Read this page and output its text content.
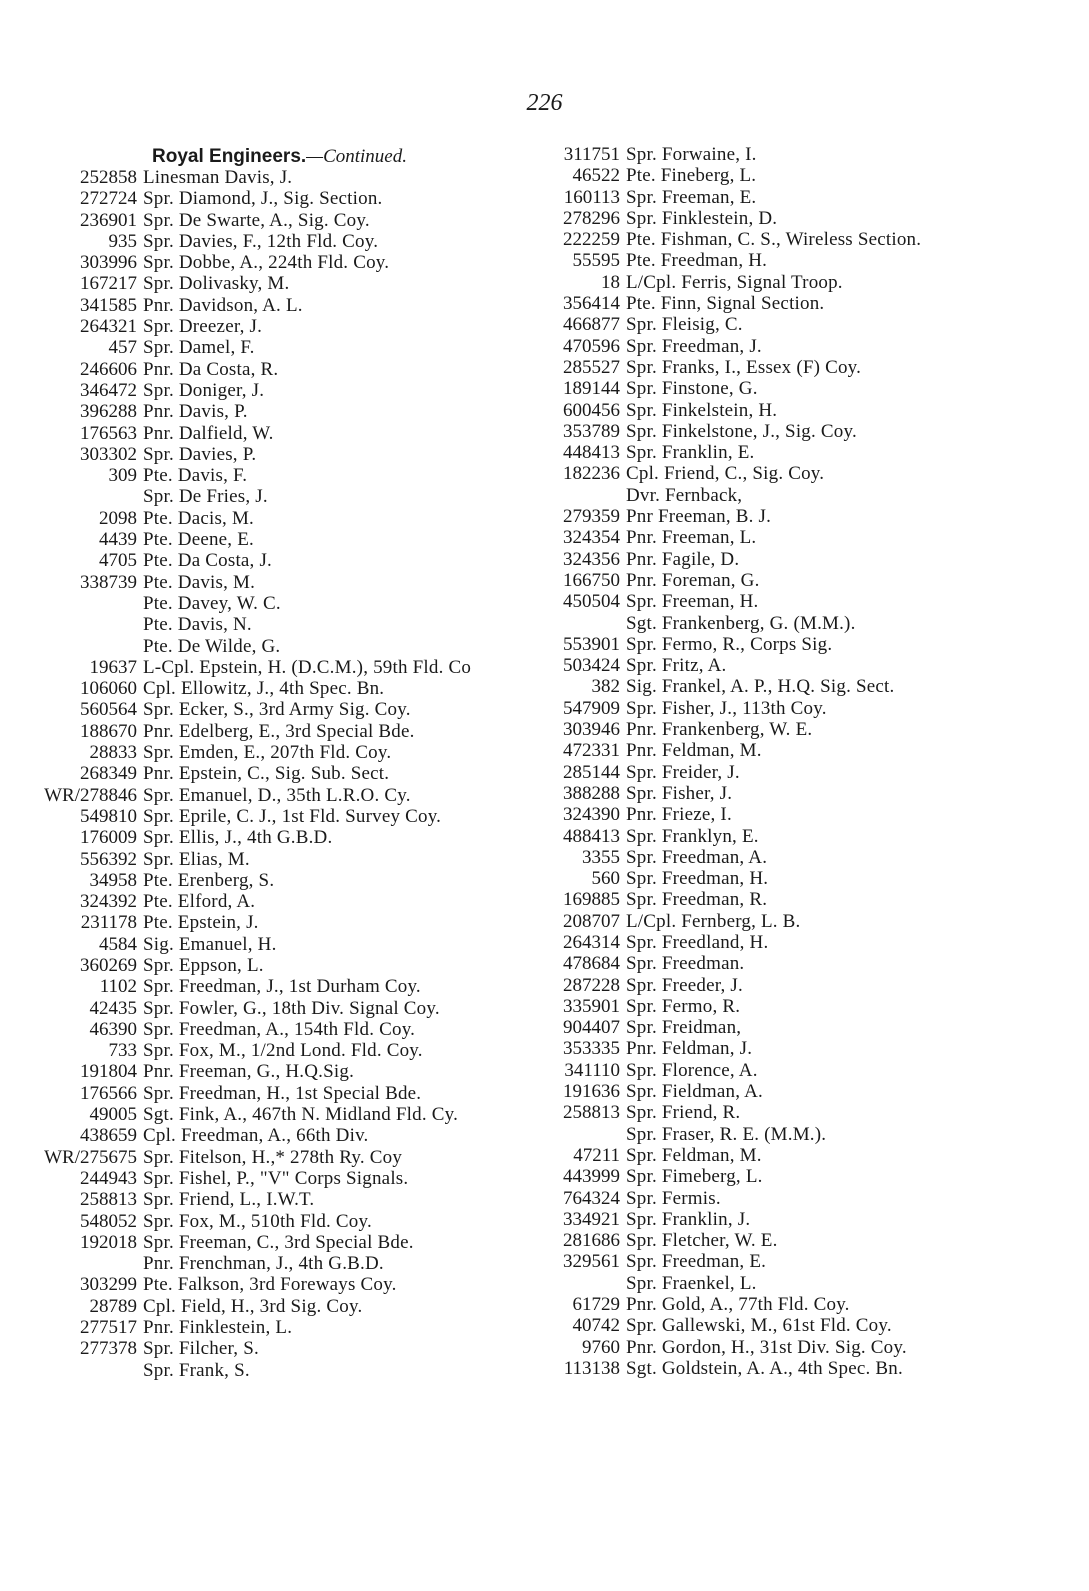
226
Royal Engineers.—Continued.
252858 Linesman Davis, J.
272724 Spr. Diamond, J., Sig. Section.
236901 Spr. De Swarte, A., Sig. Coy.
935 Spr. Davies, F., 12th Fld. Coy.
303996 Spr. Dobbe, A., 224th Fld. Coy.
167217 Spr. Dolivasky, M.
341585 Pnr. Davidson, A. L.
264321 Spr. Dreezer, J.
457 Spr. Damel, F.
246606 Pnr. Da Costa, R.
346472 Spr. Doniger, J.
396288 Pnr. Davis, P.
176563 Pnr. Dalfield, W.
303302 Spr. Davies, P.
309 Pte. Davis, F.
Spr. De Fries, J.
2098 Pte. Dacis, M.
4439 Pte. Deene, E.
4705 Pte. Da Costa, J.
338739 Pte. Davis, M.
Pte. Davey, W. C.
Pte. Davis, N.
Pte. De Wilde, G.
19637 L-Cpl. Epstein, H. (D.C.M.), 59th Fld. Co
106060 Cpl. Ellowitz, J., 4th Spec. Bn.
560564 Spr. Ecker, S., 3rd Army Sig. Coy.
188670 Pnr. Edelberg, E., 3rd Special Bde.
28833 Spr. Emden, E., 207th Fld. Coy.
268349 Pnr. Epstein, C., Sig. Sub. Sect.
WR/278846 Spr. Emanuel, D., 35th L.R.O. Cy.
549810 Spr. Eprile, C. J., 1st Fld. Survey Coy.
176009 Spr. Ellis, J., 4th G.B.D.
556392 Spr. Elias, M.
34958 Pte. Erenberg, S.
324392 Pte. Elford, A.
231178 Pte. Epstein, J.
4584 Sig. Emanuel, H.
360269 Spr. Eppson, L.
1102 Spr. Freedman, J., 1st Durham Coy.
42435 Spr. Fowler, G., 18th Div. Signal Coy.
46390 Spr. Freedman, A., 154th Fld. Coy.
733 Spr. Fox, M., 1/2nd Lond. Fld. Coy.
191804 Pnr. Freeman, G., H.Q.Sig.
176566 Spr. Freedman, H., 1st Special Bde.
49005 Sgt. Fink, A., 467th N. Midland Fld. Cy.
438659 Cpl. Freedman, A., 66th Div.
WR/275675 Spr. Fitelson, H.,* 278th Ry. Coy
244943 Spr. Fishel, P., "V" Corps Signals.
258813 Spr. Friend, L., I.W.T.
548052 Spr. Fox, M., 510th Fld. Coy.
192018 Spr. Freeman, C., 3rd Special Bde.
Pnr. Frenchman, J., 4th G.B.D.
303299 Pte. Falkson, 3rd Foreways Coy.
28789 Cpl. Field, H., 3rd Sig. Coy.
277517 Pnr. Finklestein, L.
277378 Spr. Filcher, S.
Spr. Frank, S.
311751 Spr. Forwaine, I.
46522 Pte. Fineberg, L.
160113 Spr. Freeman, E.
278296 Spr. Finklestein, D.
222259 Pte. Fishman, C. S., Wireless Section.
55595 Pte. Freedman, H.
18 L/Cpl. Ferris, Signal Troop.
356414 Pte. Finn, Signal Section.
466877 Spr. Fleisig, C.
470596 Spr. Freedman, J.
285527 Spr. Franks, I., Essex (F) Coy.
189144 Spr. Finstone, G.
600456 Spr. Finkelstein, H.
353789 Spr. Finkelstone, J., Sig. Coy.
448413 Spr. Franklin, E.
182236 Cpl. Friend, C., Sig. Coy.
Dvr. Fernback,
279359 Pnr Freeman, B. J.
324354 Pnr. Freeman, L.
324356 Pnr. Fagile, D.
166750 Pnr. Foreman, G.
450504 Spr. Freeman, H.
Sgt. Frankenberg, G. (M.M.).
553901 Spr. Fermo, R., Corps Sig.
503424 Spr. Fritz, A.
382 Sig. Frankel, A. P., H.Q. Sig. Sect.
547909 Spr. Fisher, J., 113th Coy.
303946 Pnr. Frankenberg, W. E.
472331 Pnr. Feldman, M.
285144 Spr. Freider, J.
388288 Spr. Fisher, J.
324390 Pnr. Frieze, I.
488413 Spr. Franklyn, E.
3355 Spr. Freedman, A.
560 Spr. Freedman, H.
169885 Spr. Freedman, R.
208707 L/Cpl. Fernberg, L. B.
264314 Spr. Freedland, H.
478684 Spr. Freedman.
287228 Spr. Freeder, J.
335901 Spr. Fermo, R.
904407 Spr. Freidman,
353335 Pnr. Feldman, J.
341110 Spr. Florence, A.
191636 Spr. Fieldman, A.
258813 Spr. Friend, R.
Spr. Fraser, R. E. (M.M.).
47211 Spr. Feldman, M.
443999 Spr. Fimeberg, L.
764324 Spr. Fermis.
334921 Spr. Franklin, J.
281686 Spr. Fletcher, W. E.
329561 Spr. Freedman, E.
Spr. Fraenkel, L.
61729 Pnr. Gold, A., 77th Fld. Coy.
40742 Spr. Gallewski, M., 61st Fld. Coy.
9760 Pnr. Gordon, H., 31st Div. Sig. Coy.
113138 Sgt. Goldstein, A. A., 4th Spec. Bn.
